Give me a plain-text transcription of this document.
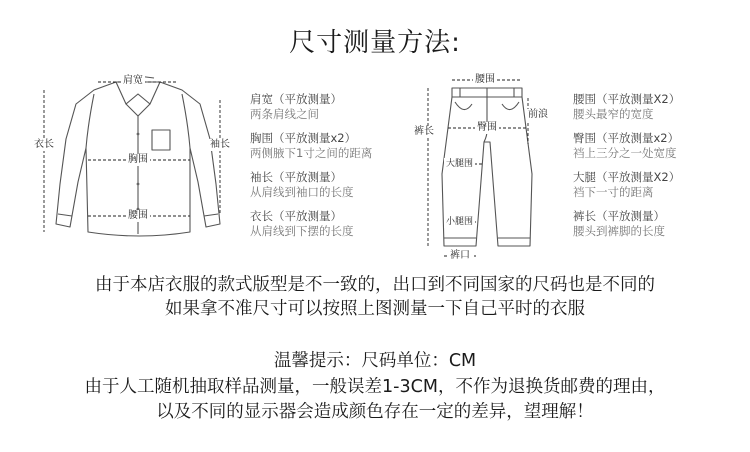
尺寸测量方法:
肩宽
衣长	袖长
胸围
腰围
肩宽（平放测量）
两条肩线之间
胸围（平放测量x2）
两侧腋下1寸之间的距离
袖长（平放测量）
从肩线到袖口的长度
衣长（平放测量）
从肩线到下摆的长度
腰围
前浪
裤长	臀围
大腿围
小腿围
裤口
腰围（平放测量X2）
腰头最窄的宽度
臀围（平放测量x2）
裆上三分之一处宽度
大腿（平放测量X2）
裆下一寸的距离
裤长（平放测量）
腰头到裤脚的长度
由于本店衣服的款式版型是不一致的，出口到不同国家的尺码也是不同的
如果拿不准尺寸可以按照上图测量一下自己平时的衣服
温馨提示：尺码单位：CM
由于人工随机抽取样品测量，一般误差1-3CM，不作为退换货邮费的理由，
以及不同的显示器会造成颜色存在一定的差异，望理解！
